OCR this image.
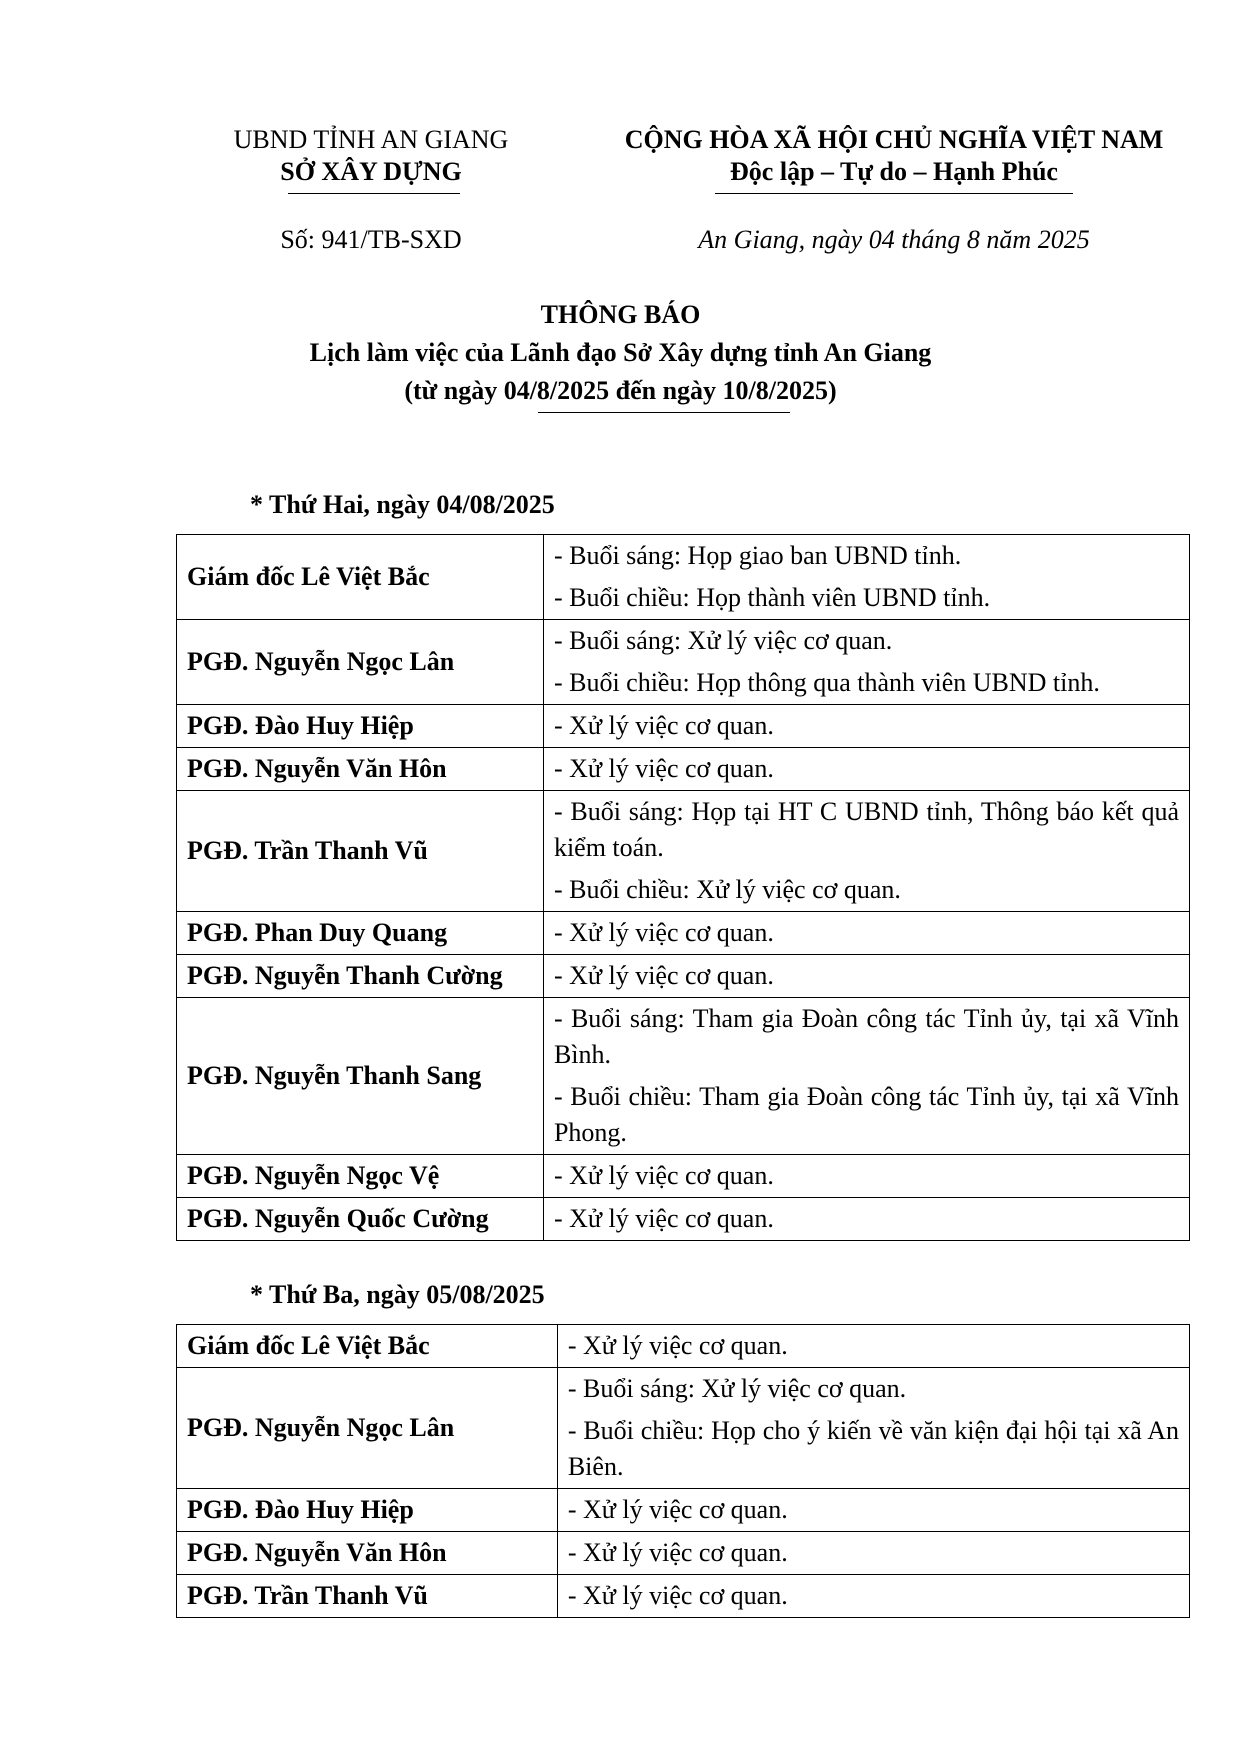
UBND TỈNH AN GIANG
SỞ XÂY DỰNG
Số: 941/TB-SXD
CỘNG HÒA XÃ HỘI CHỦ NGHĨA VIỆT NAM
Độc lập – Tự do – Hạnh Phúc
An Giang, ngày 04 tháng 8 năm 2025
THÔNG BÁO
Lịch làm việc của Lãnh đạo Sở Xây dựng tỉnh An Giang
(từ ngày 04/8/2025 đến ngày 10/8/2025)
* Thứ Hai, ngày 04/08/2025
Giám đốc Lê Việt Bắc	- Buổi sáng: Họp giao ban UBND tỉnh.
- Buổi chiều: Họp thành viên UBND tỉnh.

PGĐ. Nguyễn Ngọc Lân	- Buổi sáng: Xử lý việc cơ quan.
- Buổi chiều: Họp thông qua thành viên UBND tỉnh.

PGĐ. Đào Huy Hiệp	- Xử lý việc cơ quan.

PGĐ. Nguyễn Văn Hôn	- Xử lý việc cơ quan.

PGĐ. Trần Thanh Vũ	- Buổi sáng: Họp tại HT C UBND tỉnh, Thông báo kết quả kiểm toán.
- Buổi chiều: Xử lý việc cơ quan.

PGĐ. Phan Duy Quang	- Xử lý việc cơ quan.

PGĐ. Nguyễn Thanh Cường	- Xử lý việc cơ quan.

PGĐ. Nguyễn Thanh Sang	- Buổi sáng: Tham gia Đoàn công tác Tỉnh ủy, tại xã Vĩnh Bình.
- Buổi chiều: Tham gia Đoàn công tác Tỉnh ủy, tại xã Vĩnh Phong.

PGĐ. Nguyễn Ngọc Vệ	- Xử lý việc cơ quan.

PGĐ. Nguyễn Quốc Cường	- Xử lý việc cơ quan.
* Thứ Ba, ngày 05/08/2025
Giám đốc Lê Việt Bắc	- Xử lý việc cơ quan.

PGĐ. Nguyễn Ngọc Lân	- Buổi sáng: Xử lý việc cơ quan.
- Buổi chiều: Họp cho ý kiến về văn kiện đại hội tại xã An Biên.

PGĐ. Đào Huy Hiệp	- Xử lý việc cơ quan.

PGĐ. Nguyễn Văn Hôn	- Xử lý việc cơ quan.

PGĐ. Trần Thanh Vũ	- Xử lý việc cơ quan.
